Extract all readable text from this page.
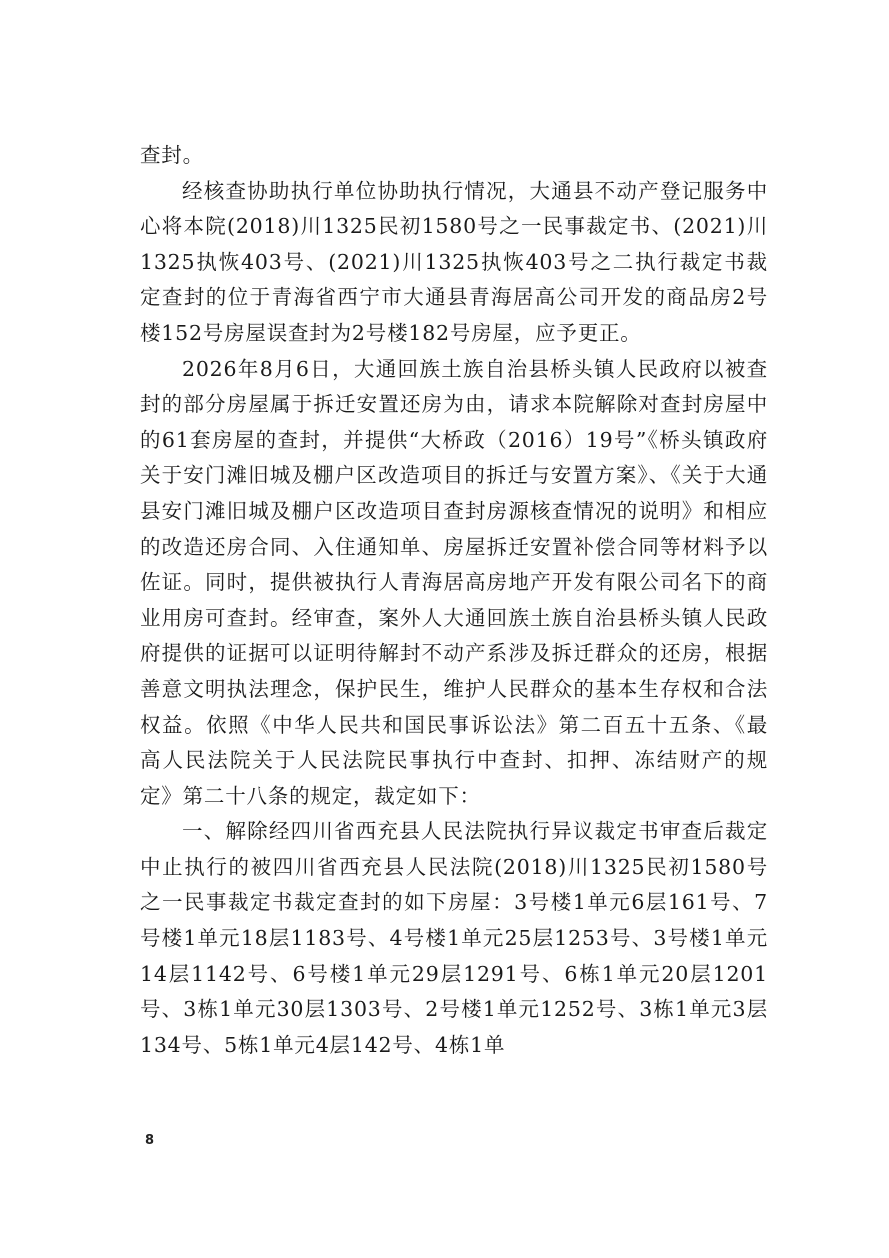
查封。

经核查协助执行单位协助执行情况，大通县不动产登记服务中心将本院(2018)川1325民初1580号之一民事裁定书、(2021)川1325执恢403号、(2021)川1325执恢403号之二执行裁定书裁定查封的位于青海省西宁市大通县青海居高公司开发的商品房2号楼152号房屋误查封为2号楼182号房屋，应予更正。

2026年8月6日，大通回族土族自治县桥头镇人民政府以被查封的部分房屋属于拆迁安置还房为由，请求本院解除对查封房屋中的61套房屋的查封，并提供“大桥政（2016）19号”《桥头镇政府关于安门滩旧城及棚户区改造项目的拆迁与安置方案》、《关于大通县安门滩旧城及棚户区改造项目查封房源核查情况的说明》和相应的改造还房合同、入住通知单、房屋拆迁安置补偿合同等材料予以佐证。同时，提供被执行人青海居高房地产开发有限公司名下的商业用房可查封。经审查，案外人大通回族土族自治县桥头镇人民政府提供的证据可以证明待解封不动产系涉及拆迁群众的还房，根据善意文明执法理念，保护民生，维护人民群众的基本生存权和合法权益。依照《中华人民共和国民事诉讼法》第二百五十五条、《最高人民法院关于人民法院民事执行中查封、扣押、冻结财产的规定》第二十八条的规定，裁定如下：

一、解除经四川省西充县人民法院执行异议裁定书审查后裁定中止执行的被四川省西充县人民法院(2018)川1325民初1580号之一民事裁定书裁定查封的如下房屋：3号楼1单元6层161号、7号楼1单元18层1183号、4号楼1单元25层1253号、3号楼1单元14层1142号、6号楼1单元29层1291号、6栋1单元20层1201号、3栋1单元30层1303号、2号楼1单元1252号、3栋1单元3层134号、5栋1单元4层142号、4栋1单

8
